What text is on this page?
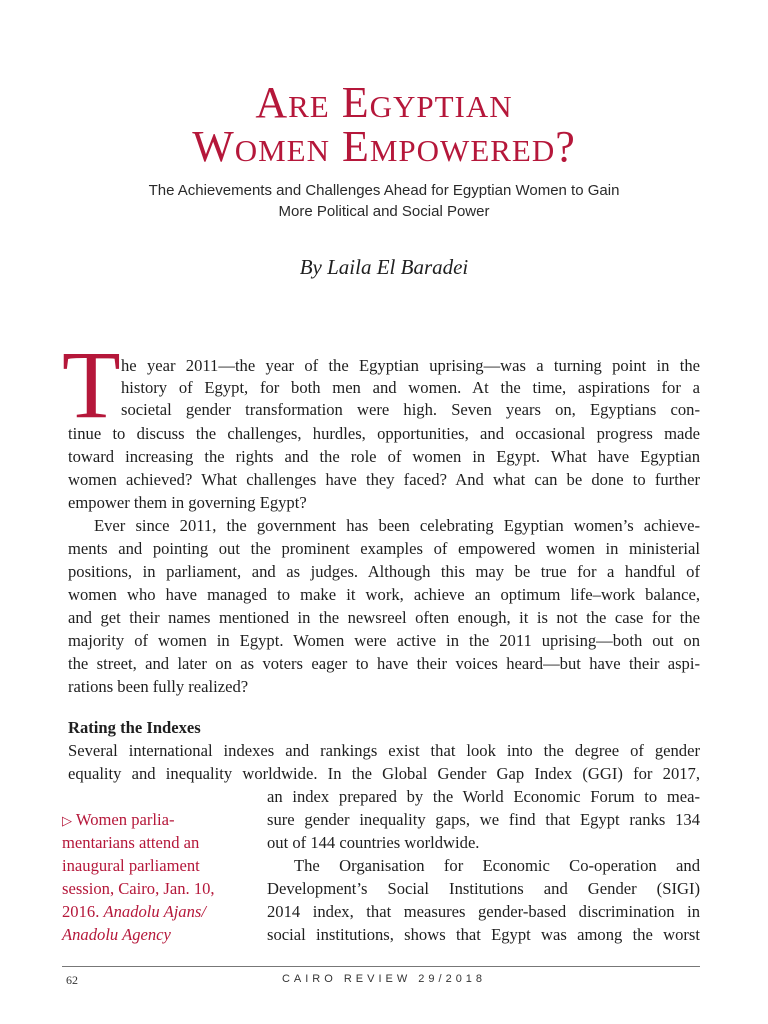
Are Egyptian
Women Empowered?
The Achievements and Challenges Ahead for Egyptian Women to Gain
More Political and Social Power
By Laila El Baradei
T he year 2011—the year of the Egyptian uprising—was a turning point in the
history of Egypt, for both men and women. At the time, aspirations for a
societal gender transformation were high. Seven years on, Egyptians con-
tinue to discuss the challenges, hurdles, opportunities, and occasional progress made
toward increasing the rights and the role of women in Egypt. What have Egyptian
women achieved? What challenges have they faced? And what can be done to further
empower them in governing Egypt?
Ever since 2011, the government has been celebrating Egyptian women’s achieve-
ments and pointing out the prominent examples of empowered women in ministerial
positions, in parliament, and as judges. Although this may be true for a handful of
women who have managed to make it work, achieve an optimum life–work balance,
and get their names mentioned in the newsreel often enough, it is not the case for the
majority of women in Egypt. Women were active in the 2011 uprising—both out on
the street, and later on as voters eager to have their voices heard—but have their aspi-
rations been fully realized?
Rating the Indexes
Several international indexes and rankings exist that look into the degree of gender
equality and inequality worldwide. In the Global Gender Gap Index (GGI) for 2017,
an index prepared by the World Economic Forum to mea-
sure gender inequality gaps, we find that Egypt ranks 134
out of 144 countries worldwide.
The Organisation for Economic Co-operation and
Development’s Social Institutions and Gender (SIGI)
2014 index, that measures gender-based discrimination in
social institutions, shows that Egypt was among the worst
▷ Women parlia-
mentarians attend an
inaugural parliament
session, Cairo, Jan. 10,
2016. Anadolu Ajans/
Anadolu Agency
62	CAIRO REVIEW 29/2018
